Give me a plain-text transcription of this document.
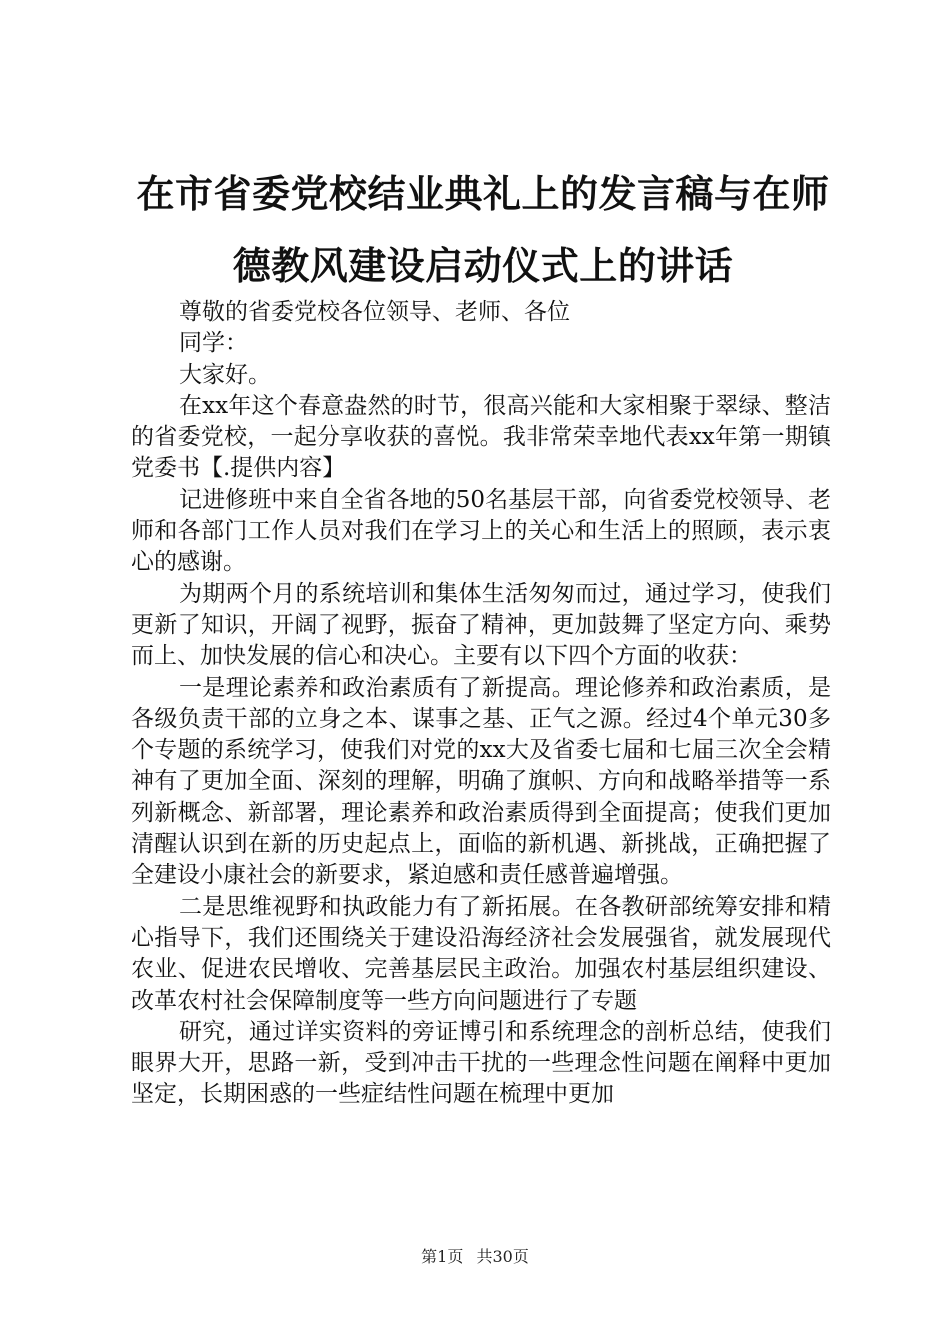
在市省委党校结业典礼上的发言稿与在师德教风建设启动仪式上的讲话

尊敬的省委党校各位领导、老师、各位

同学：

大家好。

在xx年这个春意盎然的时节，很高兴能和大家相聚于翠绿、整洁的省委党校，一起分享收获的喜悦。我非常荣幸地代表xx年第一期镇党委书【.提供内容】

记进修班中来自全省各地的50名基层干部，向省委党校领导、老师和各部门工作人员对我们在学习上的关心和生活上的照顾，表示衷心的感谢。

为期两个月的系统培训和集体生活匆匆而过，通过学习，使我们更新了知识，开阔了视野，振奋了精神，更加鼓舞了坚定方向、乘势而上、加快发展的信心和决心。主要有以下四个方面的收获：

一是理论素养和政治素质有了新提高。理论修养和政治素质，是各级负责干部的立身之本、谋事之基、正气之源。经过4个单元30多个专题的系统学习，使我们对党的xx大及省委七届和七届三次全会精神有了更加全面、深刻的理解，明确了旗帜、方向和战略举措等一系列新概念、新部署，理论素养和政治素质得到全面提高；使我们更加清醒认识到在新的历史起点上，面临的新机遇、新挑战，正确把握了全建设小康社会的新要求，紧迫感和责任感普遍增强。

二是思维视野和执政能力有了新拓展。在各教研部统筹安排和精心指导下，我们还围绕关于建设沿海经济社会发展强省，就发展现代农业、促进农民增收、完善基层民主政治。加强农村基层组织建设、改革农村社会保障制度等一些方向问题进行了专题

研究，通过详实资料的旁证博引和系统理念的剖析总结，使我们眼界大开，思路一新，受到冲击干扰的一些理念性问题在阐释中更加坚定，长期困惑的一些症结性问题在梳理中更加

第1页 共30页
